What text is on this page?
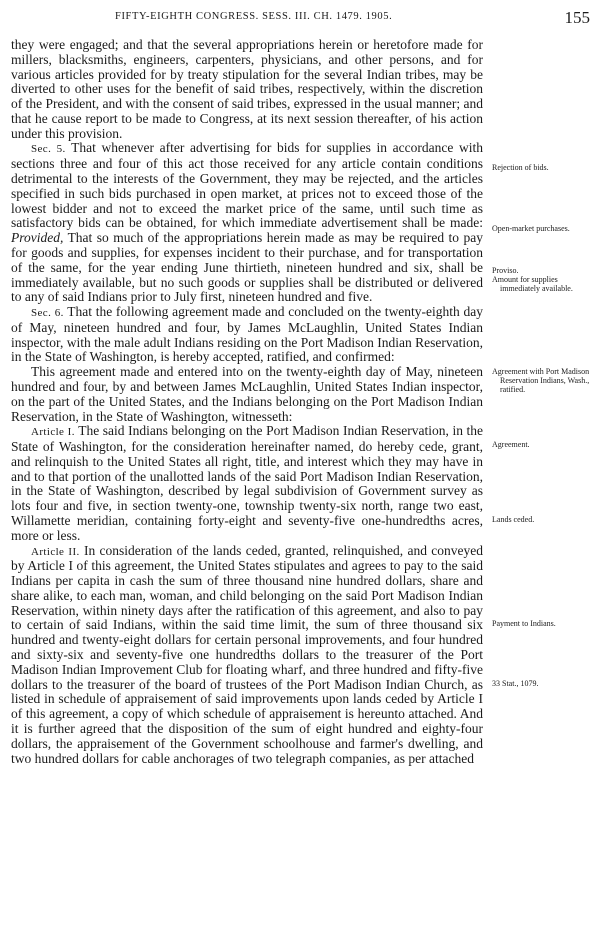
FIFTY-EIGHTH CONGRESS. SESS. III. CH. 1479. 1905.	155

they were engaged; and that the several appropriations herein or heretofore made for millers, blacksmiths, engineers, carpenters, physicians, and other persons, and for various articles provided for by treaty stipulation for the several Indian tribes, may be diverted to other uses for the benefit of said tribes, respectively, within the discretion of the President, and with the consent of said tribes, expressed in the usual manner; and that he cause report to be made to Congress, at its next session thereafter, of his action under this provision.

Sec. 5. That whenever after advertising for bids for supplies in accordance with sections three and four of this act those received for any article contain conditions detrimental to the interests of the Government, they may be rejected, and the articles specified in such bids purchased in open market, at prices not to exceed those of the lowest bidder and not to exceed the market price of the same, until such time as satisfactory bids can be obtained, for which immediate advertisement shall be made: Provided, That so much of the appropriations herein made as may be required to pay for goods and supplies, for expenses incident to their purchase, and for transportation of the same, for the year ending June thirtieth, nineteen hundred and six, shall be immediately available, but no such goods or supplies shall be distributed or delivered to any of said Indians prior to July first, nineteen hundred and five.

Sec. 6. That the following agreement made and concluded on the twenty-eighth day of May, nineteen hundred and four, by James McLaughlin, United States Indian inspector, with the male adult Indians residing on the Port Madison Indian Reservation, in the State of Washington, is hereby accepted, ratified, and confirmed:

This agreement made and entered into on the twenty-eighth day of May, nineteen hundred and four, by and between James McLaughlin, United States Indian inspector, on the part of the United States, and the Indians belonging on the Port Madison Indian Reservation, in the State of Washington, witnesseth:

Article I. The said Indians belonging on the Port Madison Indian Reservation, in the State of Washington, for the consideration hereinafter named, do hereby cede, grant, and relinquish to the United States all right, title, and interest which they may have in and to that portion of the unallotted lands of the said Port Madison Indian Reservation, in the State of Washington, described by legal subdivision of Government survey as lots four and five, in section twenty-one, township twenty-six north, range two east, Willamette meridian, containing forty-eight and seventy-five one-hundredths acres, more or less.

Article II. In consideration of the lands ceded, granted, relinquished, and conveyed by Article I of this agreement, the United States stipulates and agrees to pay to the said Indians per capita in cash the sum of three thousand nine hundred dollars, share and share alike, to each man, woman, and child belonging on the said Port Madison Indian Reservation, within ninety days after the ratification of this agreement, and also to pay to certain of said Indians, within the said time limit, the sum of three thousand six hundred and twenty-eight dollars for certain personal improvements, and four hundred and sixty-six and seventy-five one hundredths dollars to the treasurer of the Port Madison Indian Improvement Club for floating wharf, and three hundred and fifty-five dollars to the treasurer of the board of trustees of the Port Madison Indian Church, as listed in schedule of appraisement of said improvements upon lands ceded by Article I of this agreement, a copy of which schedule of appraisement is hereunto attached. And it is further agreed that the disposition of the sum of eight hundred and eighty-four dollars, the appraisement of the Government schoolhouse and farmer's dwelling, and two hundred dollars for cable anchorages of two telegraph companies, as per attached

Rejection of bids.
Open-market purchases.
Proviso.
Amount for supplies immediately available.
Agreement with Port Madison Reservation Indians, Wash., ratified.
Agreement.
Lands ceded.
Payment to Indians.
33 Stat., 1079.
